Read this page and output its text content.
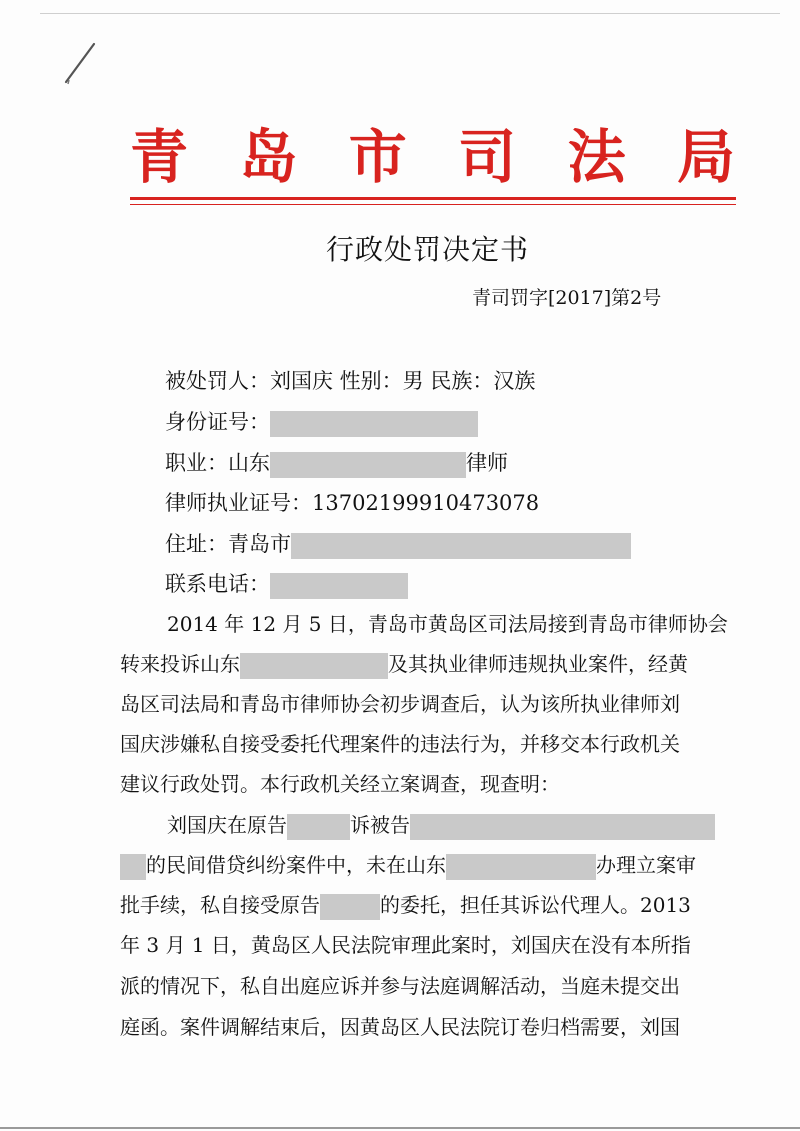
青 岛 市 司 法 局
行政处罚决定书
青司罚字[2017]第2号
被处罚人：刘国庆 性别：男 民族：汉族
身份证号：
职业：山东	律师
律师执业证号：13702199910473078
住址：青岛市
联系电话：
2014 年 12 月 5 日，青岛市黄岛区司法局接到青岛市律师协会
转来投诉山东	及其执业律师违规执业案件，经黄
岛区司法局和青岛市律师协会初步调查后，认为该所执业律师刘
国庆涉嫌私自接受委托代理案件的违法行为，并移交本行政机关
建议行政处罚。本行政机关经立案调查，现查明：
刘国庆在原告	诉被告
的民间借贷纠纷案件中，未在山东	办理立案审
批手续，私自接受原告	的委托，担任其诉讼代理人。2013
年 3 月 1 日，黄岛区人民法院审理此案时，刘国庆在没有本所指
派的情况下，私自出庭应诉并参与法庭调解活动，当庭未提交出
庭函。案件调解结束后，因黄岛区人民法院订卷归档需要，刘国
